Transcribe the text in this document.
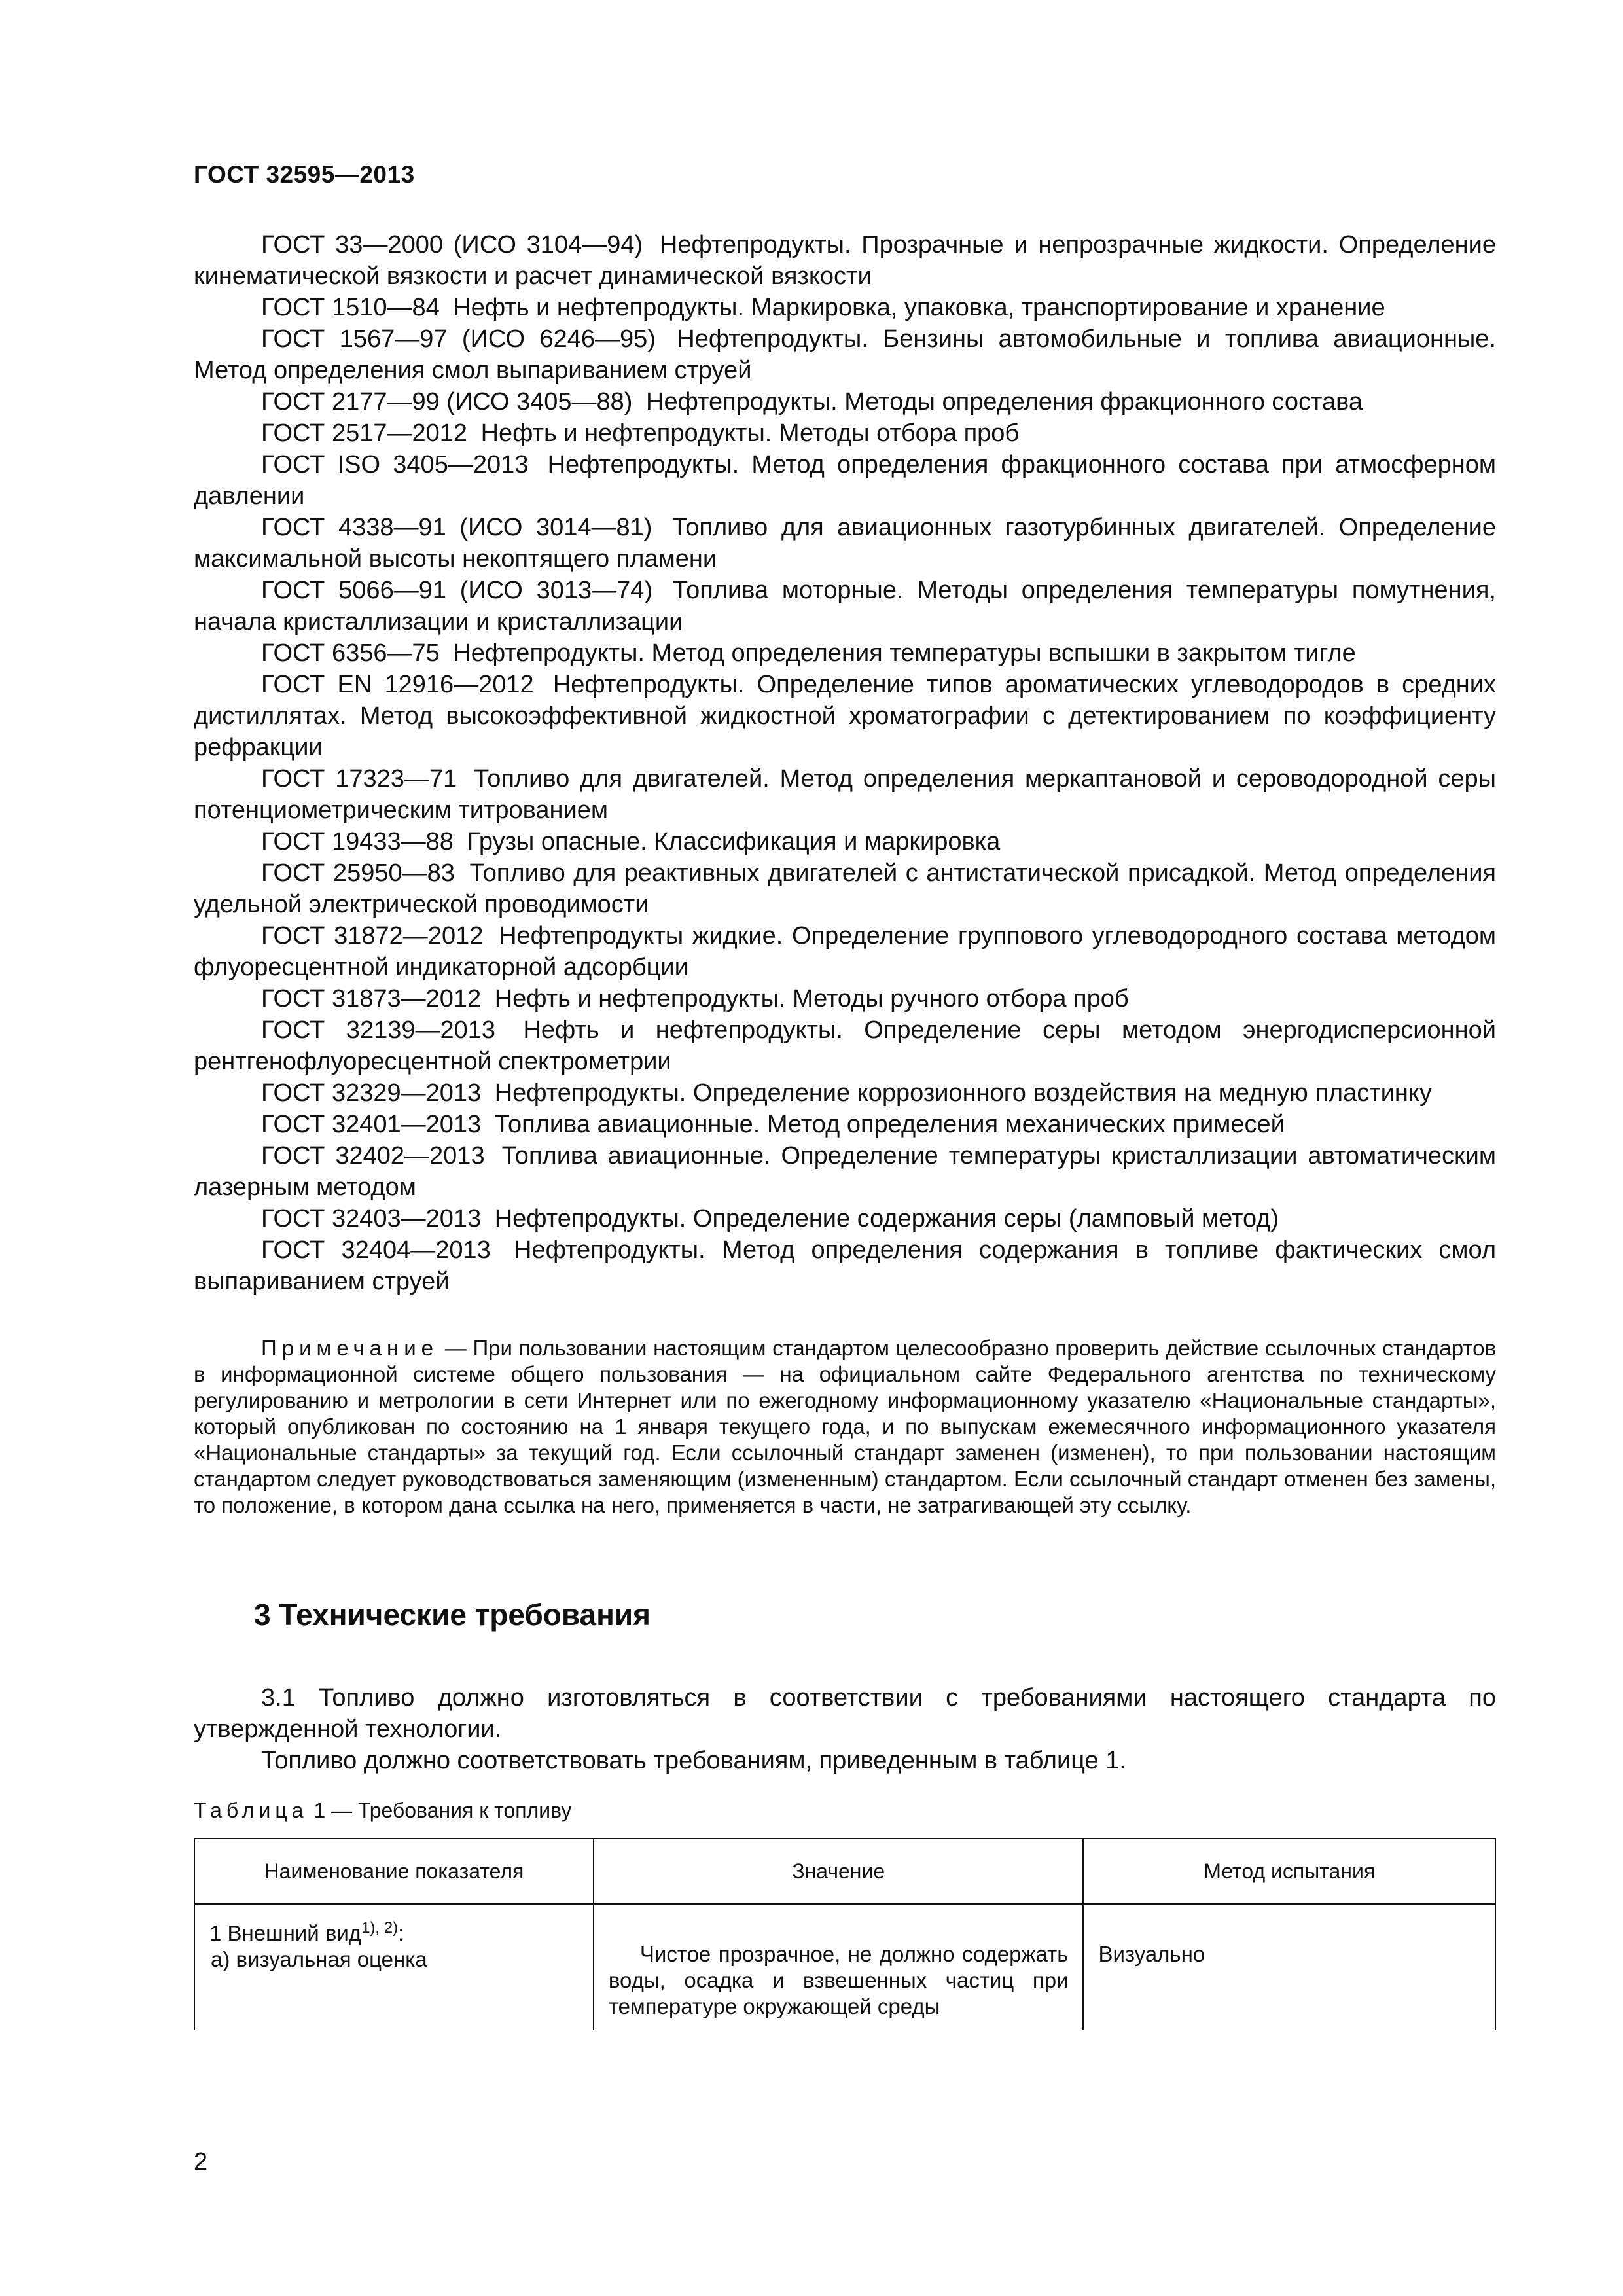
ГОСТ 32595—2013

ГОСТ 33—2000 (ИСО 3104—94) Нефтепродукты. Прозрачные и непрозрачные жидкости. Определение кинематической вязкости и расчет динамической вязкости

ГОСТ 1510—84 Нефть и нефтепродукты. Маркировка, упаковка, транспортирование и хранение

ГОСТ 1567—97 (ИСО 6246—95) Нефтепродукты. Бензины автомобильные и топлива авиационные. Метод определения смол выпариванием струей

ГОСТ 2177—99 (ИСО 3405—88) Нефтепродукты. Методы определения фракционного состава

ГОСТ 2517—2012 Нефть и нефтепродукты. Методы отбора проб

ГОСТ ISO 3405—2013 Нефтепродукты. Метод определения фракционного состава при атмосферном давлении

ГОСТ 4338—91 (ИСО 3014—81) Топливо для авиационных газотурбинных двигателей. Определение максимальной высоты некоптящего пламени

ГОСТ 5066—91 (ИСО 3013—74) Топлива моторные. Методы определения температуры помутнения, начала кристаллизации и кристаллизации

ГОСТ 6356—75 Нефтепродукты. Метод определения температуры вспышки в закрытом тигле

ГОСТ EN 12916—2012 Нефтепродукты. Определение типов ароматических углеводородов в средних дистиллятах. Метод высокоэффективной жидкостной хроматографии с детектированием по коэффициенту рефракции

ГОСТ 17323—71 Топливо для двигателей. Метод определения меркаптановой и сероводородной серы потенциометрическим титрованием

ГОСТ 19433—88 Грузы опасные. Классификация и маркировка

ГОСТ 25950—83 Топливо для реактивных двигателей с антистатической присадкой. Метод определения удельной электрической проводимости

ГОСТ 31872—2012 Нефтепродукты жидкие. Определение группового углеводородного состава методом флуоресцентной индикаторной адсорбции

ГОСТ 31873—2012 Нефть и нефтепродукты. Методы ручного отбора проб

ГОСТ 32139—2013 Нефть и нефтепродукты. Определение серы методом энергодисперсионной рентгенофлуоресцентной спектрометрии

ГОСТ 32329—2013 Нефтепродукты. Определение коррозионного воздействия на медную пластинку

ГОСТ 32401—2013 Топлива авиационные. Метод определения механических примесей

ГОСТ 32402—2013 Топлива авиационные. Определение температуры кристаллизации автоматическим лазерным методом

ГОСТ 32403—2013 Нефтепродукты. Определение содержания серы (ламповый метод)

ГОСТ 32404—2013 Нефтепродукты. Метод определения содержания в топливе фактических смол выпариванием струей

Примечание — При пользовании настоящим стандартом целесообразно проверить действие ссылочных стандартов в информационной системе общего пользования — на официальном сайте Федерального агентства по техническому регулированию и метрологии в сети Интернет или по ежегодному информационному указателю «Национальные стандарты», который опубликован по состоянию на 1 января текущего года, и по выпускам ежемесячного информационного указателя «Национальные стандарты» за текущий год. Если ссылочный стандарт заменен (изменен), то при пользовании настоящим стандартом следует руководствоваться заменяющим (измененным) стандартом. Если ссылочный стандарт отменен без замены, то положение, в котором дана ссылка на него, применяется в части, не затрагивающей эту ссылку.

3 Технические требования

3.1 Топливо должно изготовляться в соответствии с требованиями настоящего стандарта по утвержденной технологии.

Топливо должно соответствовать требованиям, приведенным в таблице 1.

Таблица 1 — Требования к топливу
Наименование показателя	Значение	Метод испытания
1 Внешний вид$^{1), 2)}$:
а) визуальная оценка	Чистое прозрачное, не должно содержать воды, осадка и взвешенных частиц при температуре окружающей среды	Визуально
2
